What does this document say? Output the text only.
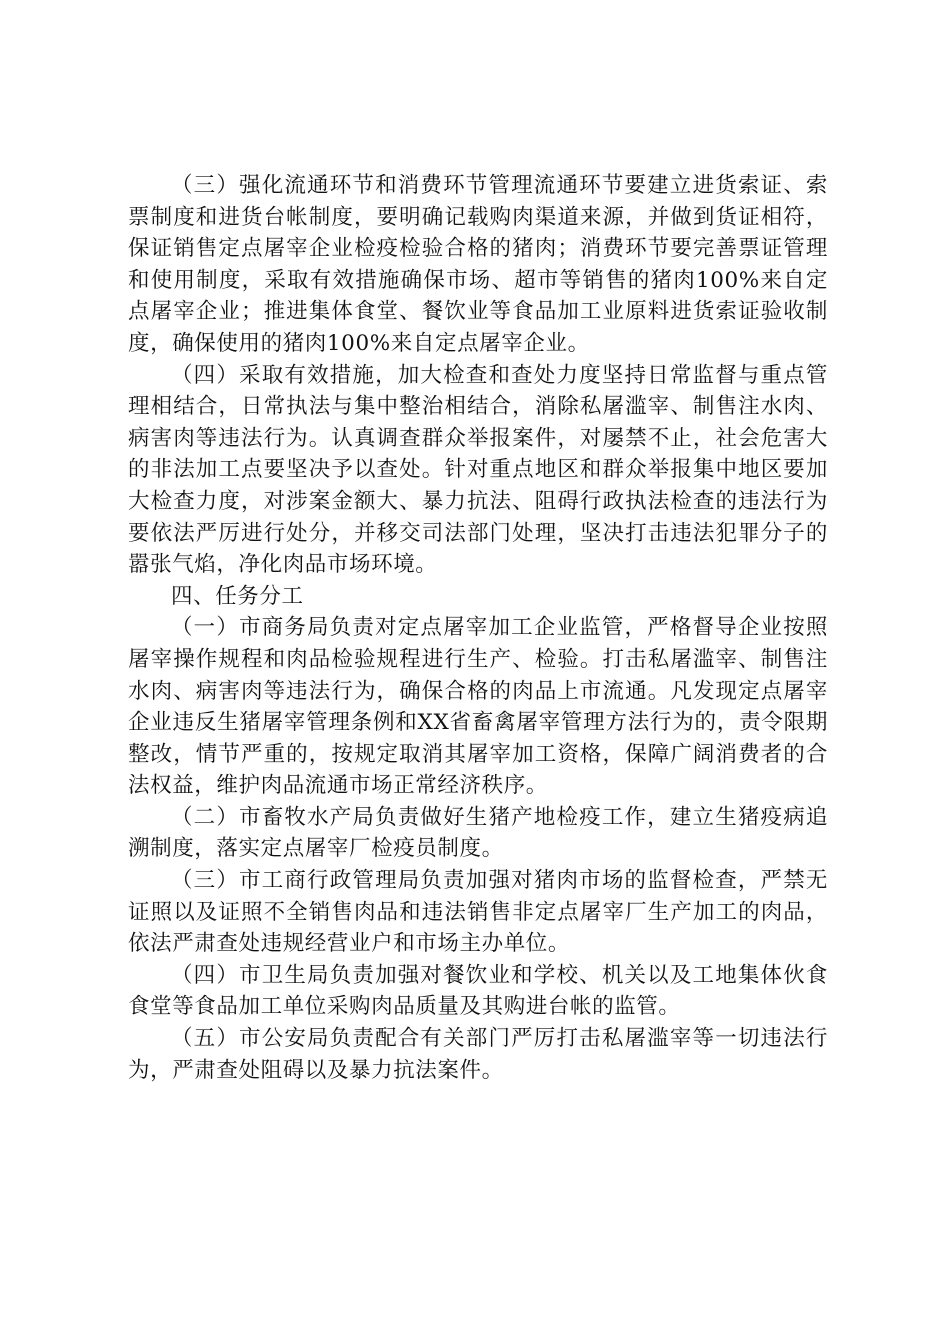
（三）强化流通环节和消费环节管理流通环节要建立进货索证、索票制度和进货台帐制度，要明确记载购肉渠道来源，并做到货证相符，保证销售定点屠宰企业检疫检验合格的猪肉；消费环节要完善票证管理和使用制度，采取有效措施确保市场、超市等销售的猪肉100%来自定点屠宰企业；推进集体食堂、餐饮业等食品加工业原料进货索证验收制度，确保使用的猪肉100%来自定点屠宰企业。

（四）采取有效措施，加大检查和查处力度坚持日常监督与重点管理相结合，日常执法与集中整治相结合，消除私屠滥宰、制售注水肉、病害肉等违法行为。认真调查群众举报案件，对屡禁不止，社会危害大的非法加工点要坚决予以查处。针对重点地区和群众举报集中地区要加大检查力度，对涉案金额大、暴力抗法、阻碍行政执法检查的违法行为要依法严厉进行处分，并移交司法部门处理，坚决打击违法犯罪分子的嚣张气焰，净化肉品市场环境。

四、任务分工

（一）市商务局负责对定点屠宰加工企业监管，严格督导企业按照屠宰操作规程和肉品检验规程进行生产、检验。打击私屠滥宰、制售注水肉、病害肉等违法行为，确保合格的肉品上市流通。凡发现定点屠宰企业违反生猪屠宰管理条例和XX省畜禽屠宰管理方法行为的，责令限期整改，情节严重的，按规定取消其屠宰加工资格，保障广阔消费者的合法权益，维护肉品流通市场正常经济秩序。

（二）市畜牧水产局负责做好生猪产地检疫工作，建立生猪疫病追溯制度，落实定点屠宰厂检疫员制度。

（三）市工商行政管理局负责加强对猪肉市场的监督检查，严禁无证照以及证照不全销售肉品和违法销售非定点屠宰厂生产加工的肉品，依法严肃查处违规经营业户和市场主办单位。

（四）市卫生局负责加强对餐饮业和学校、机关以及工地集体伙食食堂等食品加工单位采购肉品质量及其购进台帐的监管。

（五）市公安局负责配合有关部门严厉打击私屠滥宰等一切违法行为，严肃查处阻碍以及暴力抗法案件。
